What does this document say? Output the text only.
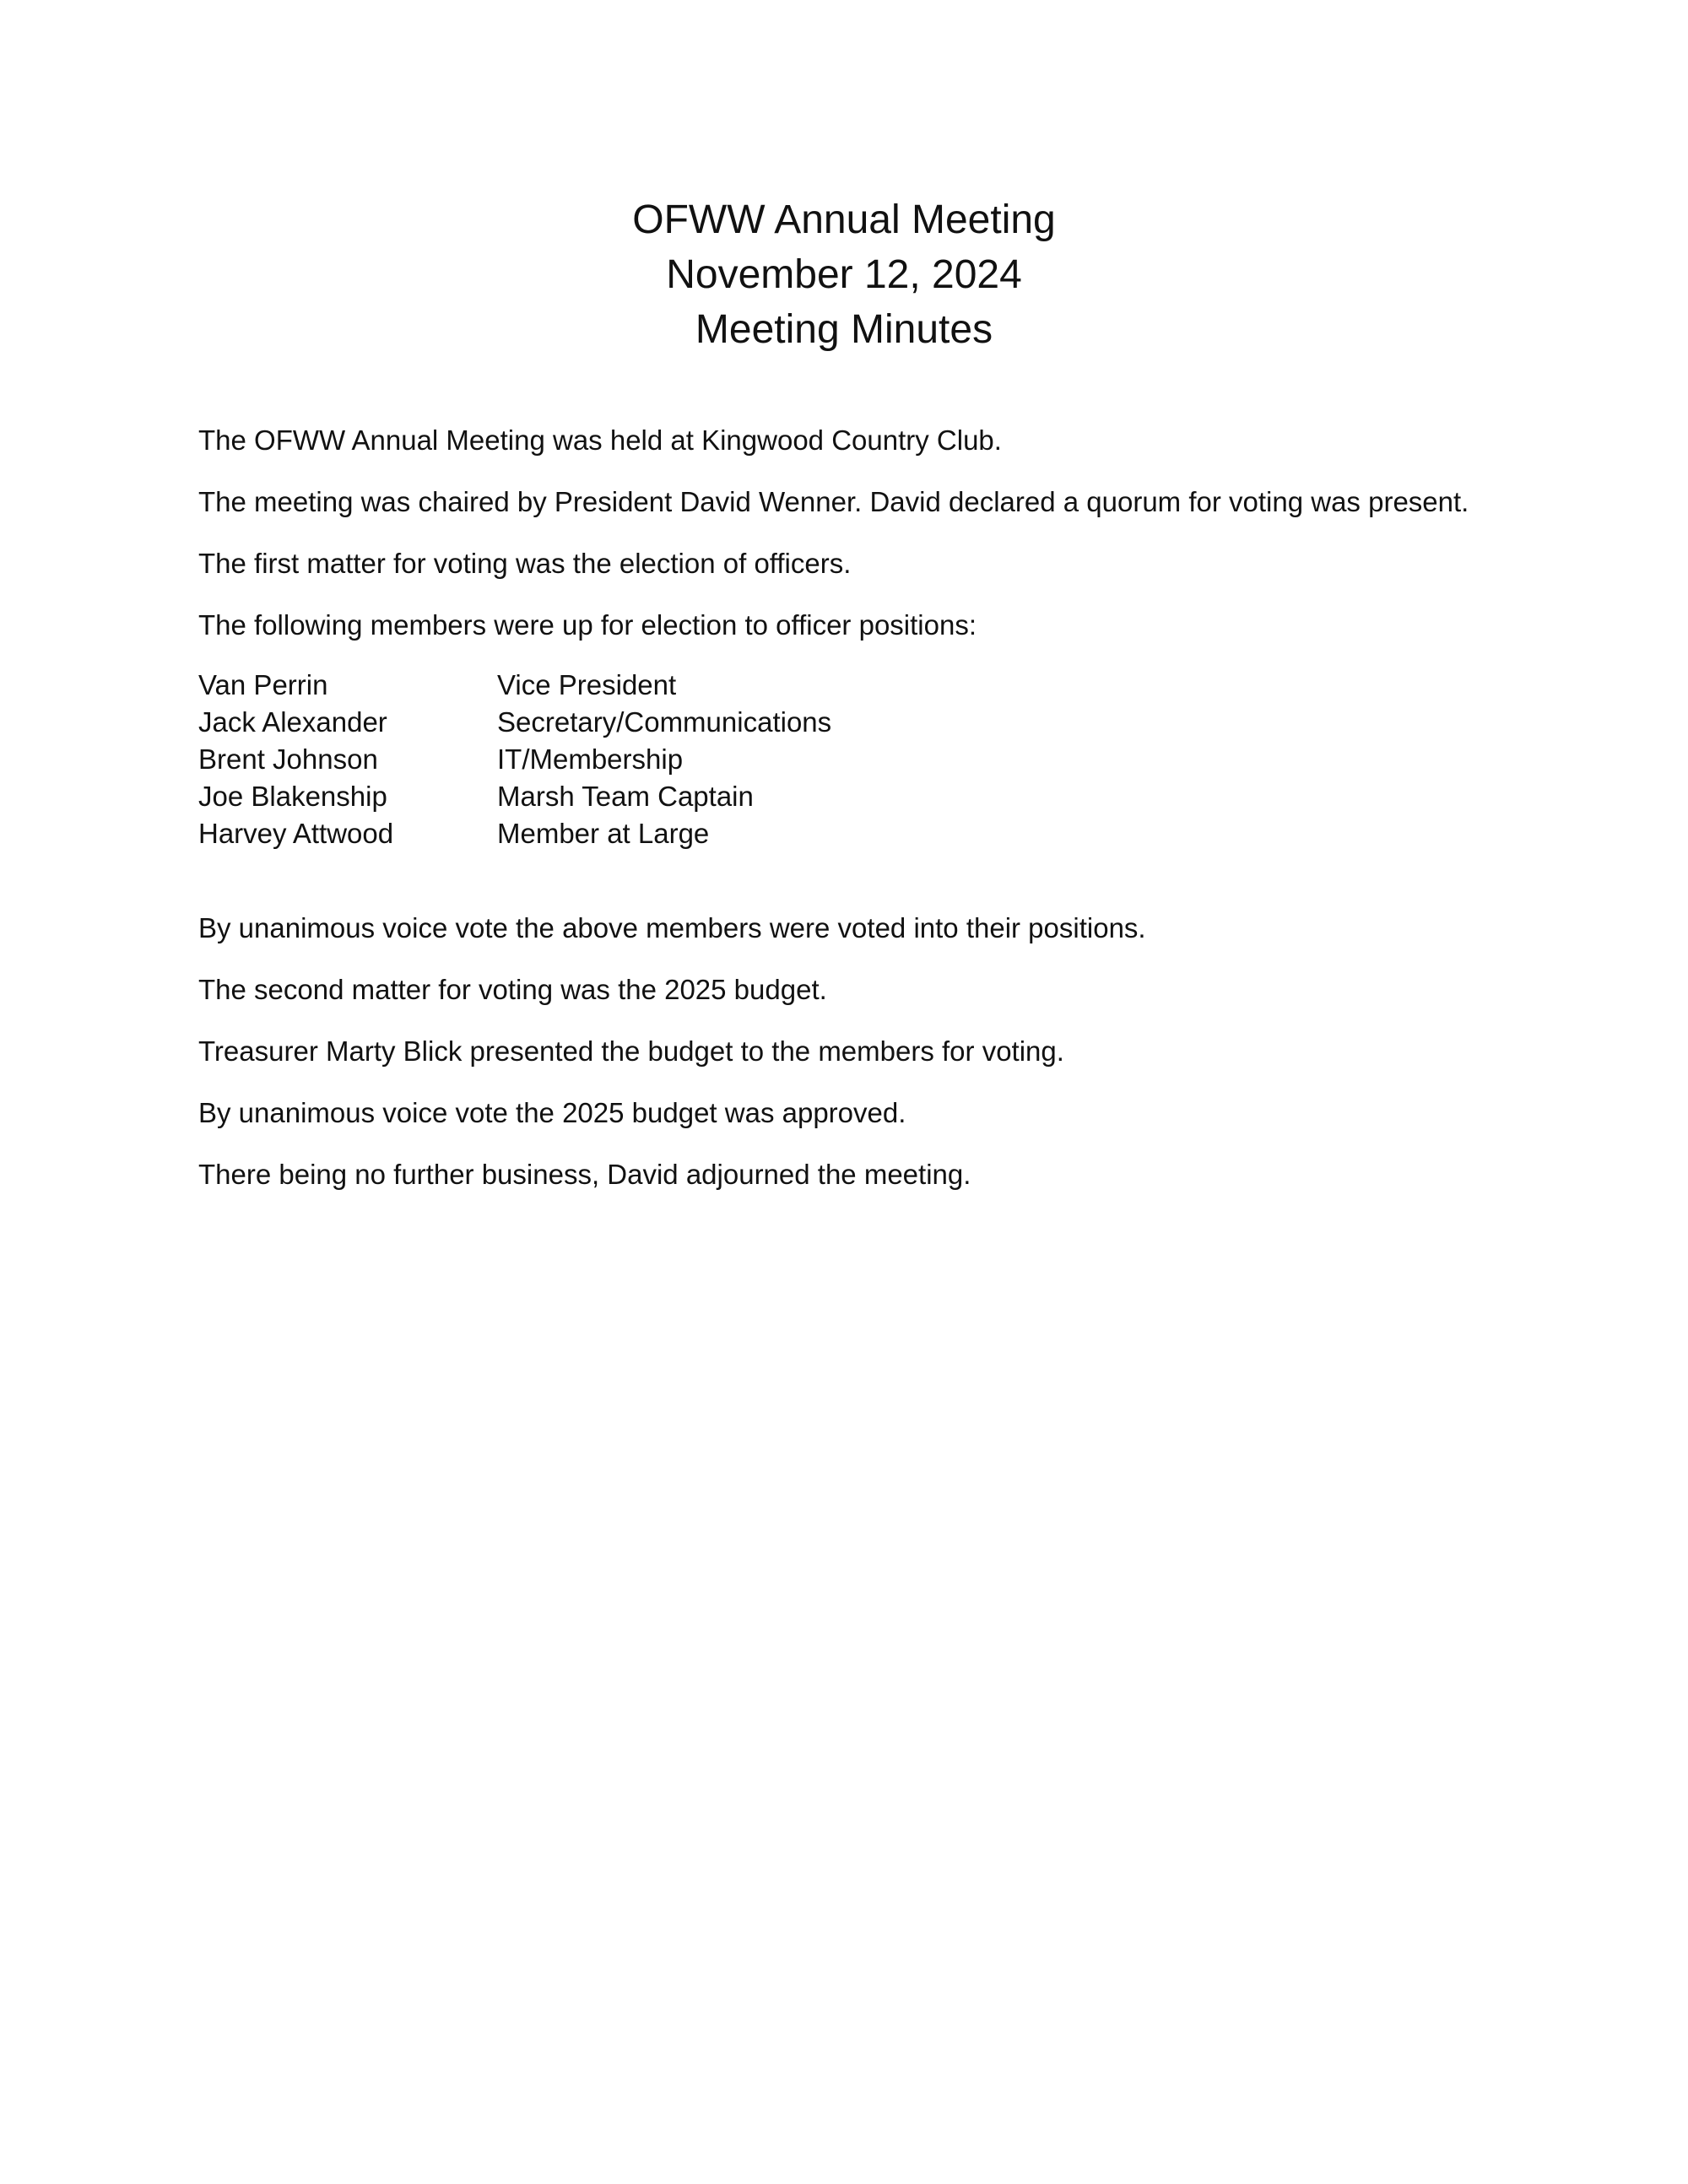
OFWW Annual Meeting
November 12, 2024
Meeting Minutes

The OFWW Annual Meeting was held at Kingwood Country Club.

The meeting was chaired by President David Wenner. David declared a quorum for voting was present.

The first matter for voting was the election of officers.

The following members were up for election to officer positions:

Van Perrin	Vice President
Jack Alexander	Secretary/Communications
Brent Johnson	IT/Membership
Joe Blakenship	Marsh Team Captain
Harvey Attwood	Member at Large

By unanimous voice vote the above members were voted into their positions.

The second matter for voting was the 2025 budget.

Treasurer Marty Blick presented the budget to the members for voting.

By unanimous voice vote the 2025 budget was approved.

There being no further business, David adjourned the meeting.
